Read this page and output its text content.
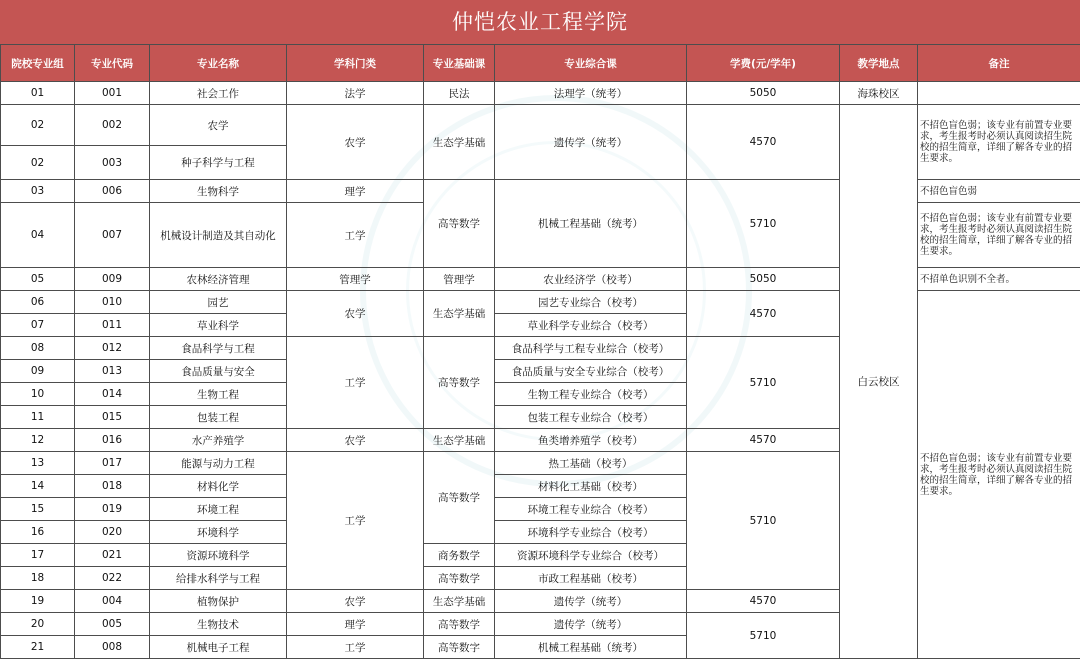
仲恺农业工程学院
院校专业组	专业代码	专业名称	学科门类	专业基础课	专业综合课	学费(元/学年)	教学地点	备注	
01	001	社会工作	法学	民法	法理学（统考）	5050	海珠校区		
02	002	农学	农学	生态学基础	遗传学（统考）	4570	白云校区	不招色盲色弱；该专业有前置专业要求，考生报考时必须认真阅读招生院校的招生简章，详细了解各专业的招生要求。	
02	003	种子科学与工程							
03	006	生物科学	理学	高等数学	机械工程基础（统考）	5710		不招色盲色弱	
04	007	机械设计制造及其自动化	工学					不招色盲色弱；该专业有前置专业要求，考生报考时必须认真阅读招生院校的招生简章，详细了解各专业的招生要求。	
05	009	农林经济管理	管理学	管理学	农业经济学（校考）	5050		不招单色识别不全者。	
06	010	园艺	农学	生态学基础	园艺专业综合（校考）	4570		不招色盲色弱；该专业有前置专业要求，考生报考时必须认真阅读招生院校的招生简章，详细了解各专业的招生要求。	
07	011	草业科学			草业科学专业综合（校考）				
08	012	食品科学与工程	工学	高等数学	食品科学与工程专业综合（校考）	5710			
09	013	食品质量与安全			食品质量与安全专业综合（校考）				
10	014	生物工程			生物工程专业综合（校考）				
11	015	包装工程			包装工程专业综合（校考）				
12	016	水产养殖学	农学	生态学基础	鱼类增养殖学（校考）	4570			
13	017	能源与动力工程	工学	高等数学	热工基础（校考）	5710			
14	018	材料化学			材料化工基础（校考）				
15	019	环境工程			环境工程专业综合（校考）				
16	020	环境科学			环境科学专业综合（校考）				
17	021	资源环境科学		商务数学	资源环境科学专业综合（校考）				
18	022	给排水科学与工程		高等数学	市政工程基础（校考）				
19	004	植物保护	农学	生态学基础	遗传学（统考）	4570			
20	005	生物技术	理学	高等数学	遗传学（统考）	5710			
21	008	机械电子工程	工学	高等数字	机械工程基础（统考）				
